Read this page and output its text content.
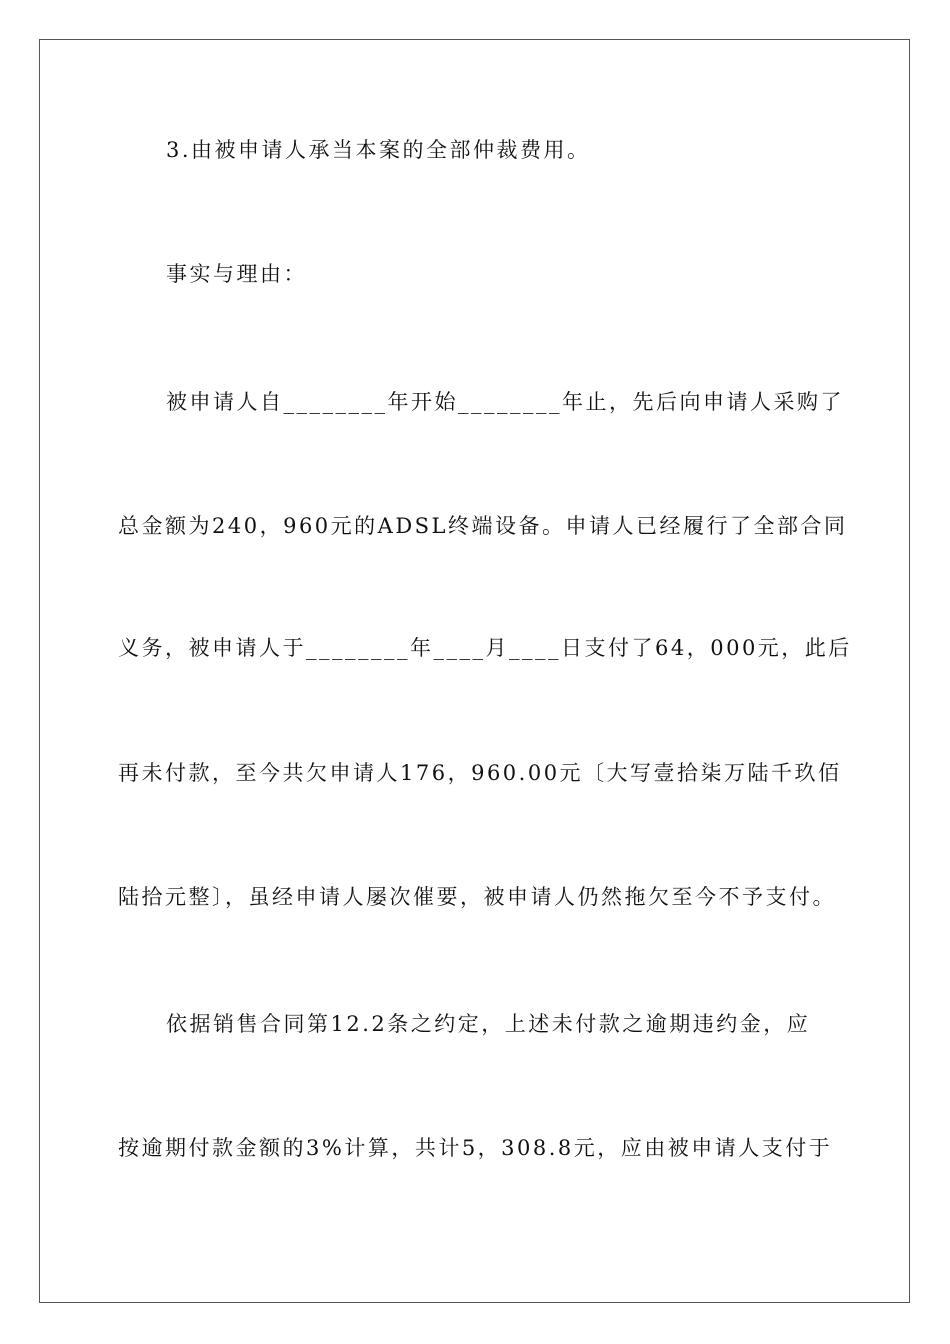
3.由被申请人承当本案的全部仲裁费用。
事实与理由：
被申请人自________年开始________年止，先后向申请人采购了
总金额为240，960元的ADSL终端设备。申请人已经履行了全部合同
义务，被申请人于________年____月____日支付了64，000元，此后
再未付款，至今共欠申请人176，960.00元〔大写壹拾柒万陆千玖佰
陆拾元整〕，虽经申请人屡次催要，被申请人仍然拖欠至今不予支付。
依据销售合同第12.2条之约定，上述未付款之逾期违约金，应
按逾期付款金额的3%计算，共计5，308.8元，应由被申请人支付于
